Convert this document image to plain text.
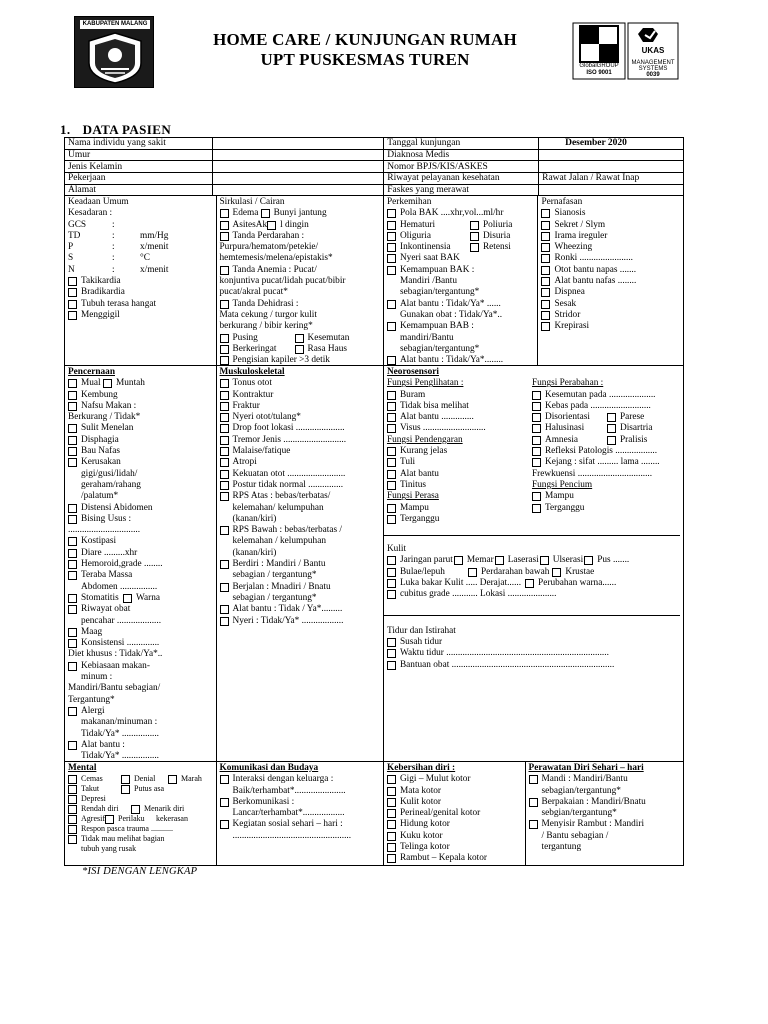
KABUPATEN MALANG
HOME CARE / KUNJUNGAN RUMAH
UPT PUSKESMAS TUREN	MANAGEMENT
SYSTEMS
GlobalGROUP
ISO 9001
UKAS
0039
1. DATA PASIEN
Nama individu yang sakit		Tanggal kunjungan	Desember 2020
Umur		Diaknosa Medis	
Jenis Kelamin		Nomor BPJS/KIS/ASKES	
Pekerjaan		Riwayat pelayanan kesehatan	Rawat Jalan / Rawat Inap
Alamat		Faskes yang merawat	
Keadaan Umum
Kesadaran :
GCS	:
TD	:	mm/Hg
P	:	x/menit
S	:	°C
N	:	x/menit
Takikardia
Bradikardia
Tubuh terasa hangat
Menggigil
Sirkulasi / Cairan
Edema
Bunyi jantung
AsitesAk l dingin
Tanda Perdarahan :
Purpura/hematom/petekie/
hemtemesis/melena/epistakis*
Tanda Anemia : Pucat/
konjuntiva pucat/lidah pucat/bibir
pucat/akral pucat*
Tanda Dehidrasi :
Mata cekung / turgor kulit
berkurang / bibir kering*
Pusing	Kesemutan
Berkeringat	Rasa Haus
Pengisian kapiler >3 detik
Perkemihan
Pola BAK ....xhr,vol...ml/hr
Hematuri	Poliuria
Oliguria	Disuria
Inkontinensia	Retensi
Nyeri saat BAK
Kemampuan BAK :
Mandiri /Bantu
sebagian/tergantung*
Alat bantu : Tidak/Ya* ......
Gunakan obat : Tidak/Ya*..
Kemampuan BAB :
mandiri/Bantu
sebagian/tergantung*
Alat bantu : Tidak/Ya*........
Pernafasan
Sianosis
Sekret / Slym
Irama ireguler
Wheezing
Ronki .......................
Otot bantu napas .......
Alat bantu nafas ........
Dispnea
Sesak
Stridor
Krepirasi
Pencernaan
Mual Muntah
Kembung
Nafsu Makan :
Berkurang / Tidak*
Sulit Menelan
Disphagia
Bau Nafas
Kerusakan
gigi/gusi/lidah/
geraham/rahang
/palatum*
Distensi Abidomen
Bising Usus :
...............................
Kostipasi
Diare .........xhr
Hemoroid,grade ........
Teraba Massa
Abdomen ................
Stomatitis	Warna
Riwayat obat
pencahar ...................
Maag
Konsistensi ..............
Diet khusus : Tidak/Ya*..
Kebiasaan makan-
minum :
Mandiri/Bantu sebagian/
Tergantung*
Alergi
makanan/minuman :
Tidak/Ya* ................
Alat bantu :
Tidak/Ya* ................
Muskuloskeletal
Tonus otot
Kontraktur
Fraktur
Nyeri otot/tulang*
Drop foot lokasi .....................
Tremor Jenis ...........................
Malaise/fatique
Atropi
Kekuatan otot .........................
Postur tidak normal ...............
RPS Atas : bebas/terbatas/
kelemahan/ kelumpuhan
(kanan/kiri)
RPS Bawah : bebas/terbatas /
kelemahan / kelumpuhan
(kanan/kiri)
Berdiri : Mandiri / Bantu
sebagian / tergantung*
Berjalan : Mnadiri / Bnatu
sebagian / tergantung*
Alat bantu : Tidak / Ya*.........
Nyeri : Tidak/Ya* ..................
Neorosensori
Fungsi Penglihatan :
Buram
Tidak bisa melihat
Alat bantu ..............
Visus ...........................
Fungsi Pendengaran
Kurang jelas
Tuli
Alat bantu
Tinitus
Fungsi Perasa
Mampu
Terganggu
Fungsi Perabahan :
Kesemutan pada ....................
Kebas pada ..........................
Disorientasi	Parese
Halusinasi	Disartria
Amnesia	Pralisis
Refleksi Patologis ..................
Kejang : sifat ......... lama ........
Frewkuensi ................................
Fungsi Pencium
Mampu
Terganggu
Kulit
Jaringan parut Memar Laserasi Ulserasi Pus .......
Bulae/lepuh	Perdarahan bawah Krustae
Luka bakar Kulit ..... Derajat...... Perubahan warna......
cubitus grade ........... Lokasi .....................
Tidur dan Istirahat
Susah tidur
Waktu tidur ......................................................................
Bantuan obat ......................................................................
Mental
Cemas	Denial	Marah
Takut	Putus asa
Depresi
Rendah diri	Menarik diri
Agresif Perilaku	kekerasan
Respon pasca trauma ...........
Tidak mau melihat bagian
tubuh yang rusak
Komunikasi dan Budaya
Interaksi dengan keluarga :
Baik/terhambat*......................
Berkomunikasi :
Lancar/terhambat*..................
Kegiatan sosial sehari – hari :
...................................................
Kebersihan diri :
Gigi – Mulut kotor
Mata kotor
Kulit kotor
Perineal/genital kotor
Hidung kotor
Kuku kotor
Telinga kotor
Rambut – Kepala kotor
Perawatan Diri Sehari – hari
Mandi : Mandiri/Bantu
sebagian/tergantung*
Berpakaian : Mandiri/Bnatu
sebgian/tergantung*
Menyisir Rambut : Mandiri
/ Bantu sebagian /
tergantung
*ISI DENGAN LENGKAP
